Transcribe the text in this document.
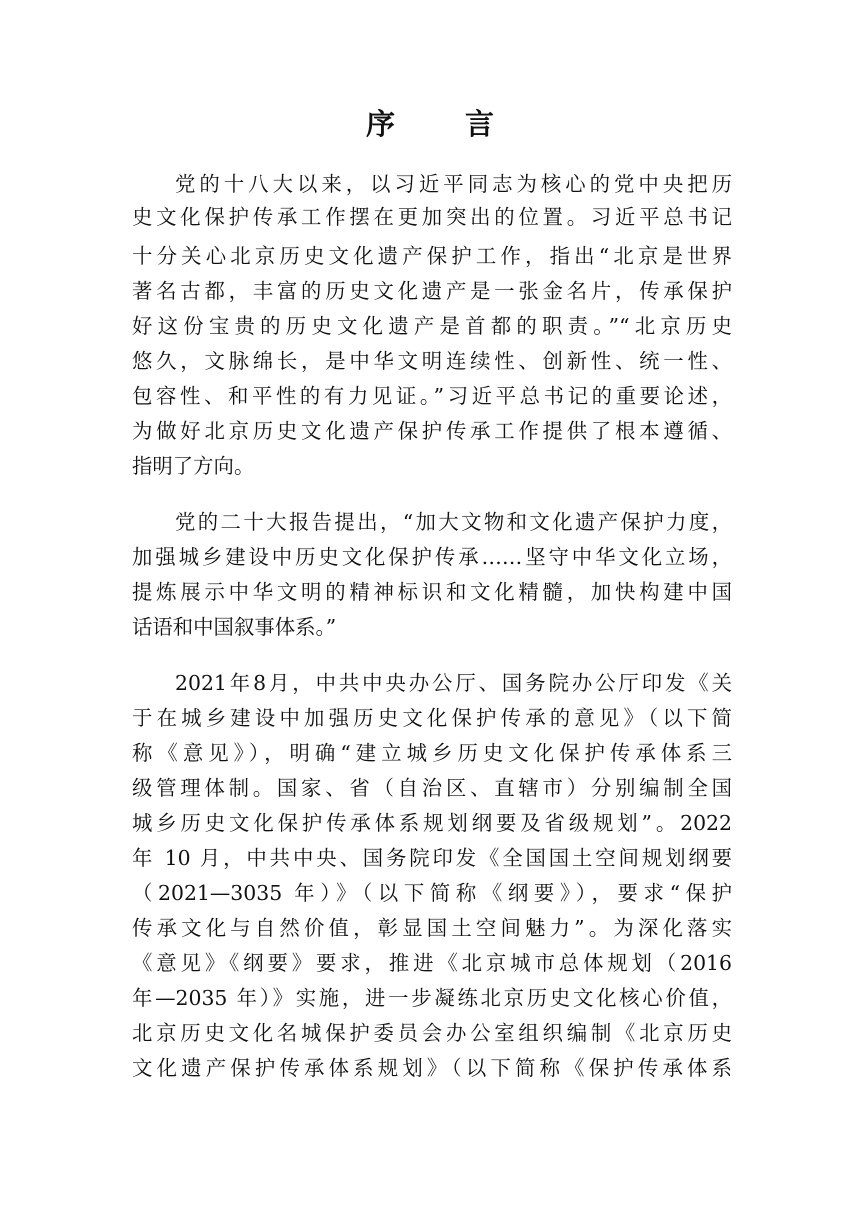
序 言

党的十八大以来，以习近平同志为核心的党中央把历

史文化保护传承工作摆在更加突出的位置。习近平总书记

十分关心北京历史文化遗产保护工作，指出“北京是世界

著名古都，丰富的历史文化遗产是一张金名片，传承保护

好这份宝贵的历史文化遗产是首都的职责。”“北京历史

悠久，文脉绵长，是中华文明连续性、创新性、统一性、

包容性、和平性的有力见证。”习近平总书记的重要论述，

为做好北京历史文化遗产保护传承工作提供了根本遵循、

指明了方向。

党的二十大报告提出，“加大文物和文化遗产保护力度，

加强城乡建设中历史文化保护传承……坚守中华文化立场，

提炼展示中华文明的精神标识和文化精髓，加快构建中国

话语和中国叙事体系。”

2021年8月，中共中央办公厅、国务院办公厅印发《关

于在城乡建设中加强历史文化保护传承的意见》（以下简

称《意见》），明确“建立城乡历史文化保护传承体系三

级管理体制。国家、省（自治区、直辖市）分别编制全国

城乡历史文化保护传承体系规划纲要及省级规划”。2022

年 10 月，中共中央、国务院印发《全国国土空间规划纲要

（2021—3035 年）》（以下简称《纲要》），要求“保护

传承文化与自然价值，彰显国土空间魅力”。为深化落实

《意见》《纲要》要求，推进《北京城市总体规划（2016

年—2035 年）》实施，进一步凝练北京历史文化核心价值，

北京历史文化名城保护委员会办公室组织编制《北京历史

文化遗产保护传承体系规划》（以下简称《保护传承体系
